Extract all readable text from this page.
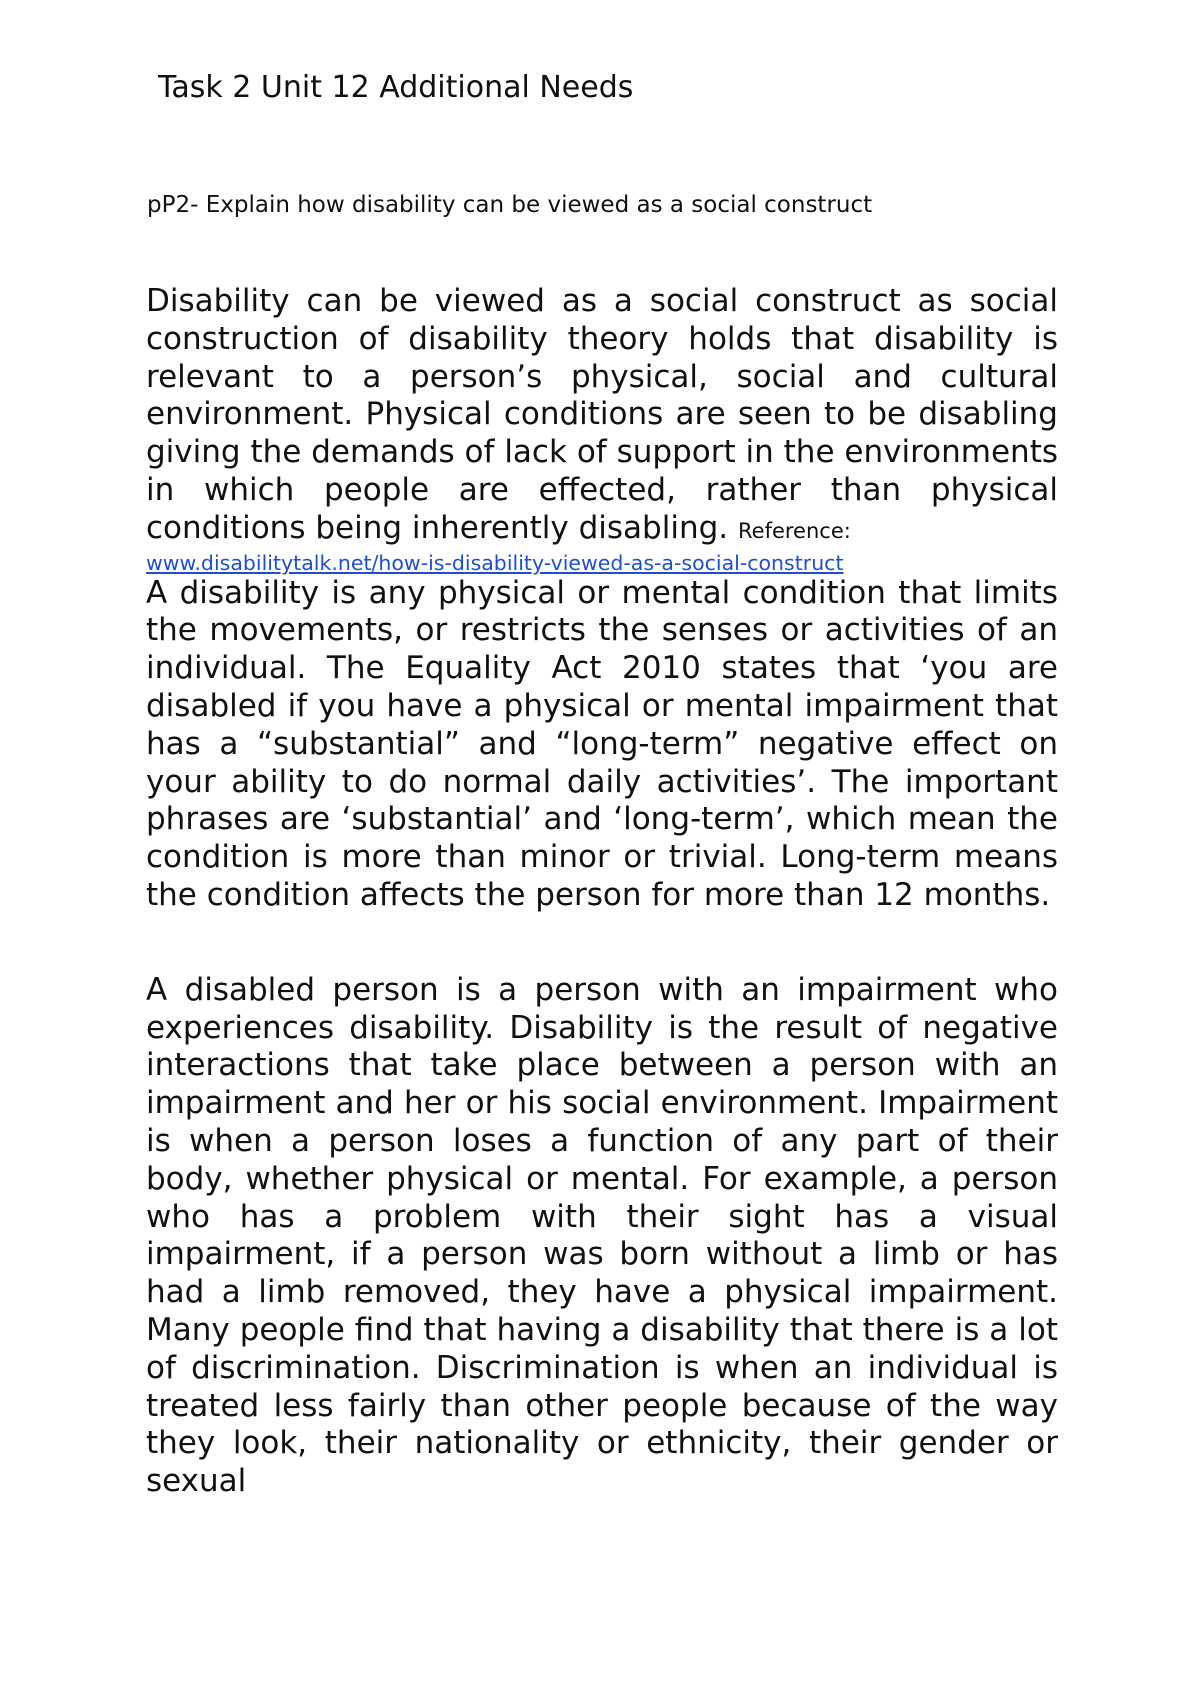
Task 2 Unit 12 Additional Needs
pP2- Explain how disability can be viewed as a social construct

Disability can be viewed as a social construct as social construction of disability theory holds that disability is relevant to a person’s physical, social and cultural environment. Physical conditions are seen to be disabling giving the demands of lack of support in the environments in which people are effected, rather than physical conditions being inherently disabling. Reference:
www.disabilitytalk.net/how-is-disability-viewed-as-a-social-construct

A disability is any physical or mental condition that limits the movements, or restricts the senses or activities of an individual. The Equality Act 2010 states that ‘you are disabled if you have a physical or mental impairment that has a “substantial” and “long-term” negative effect on your ability to do normal daily activities’. The important phrases are ‘substantial’ and ‘long-term’, which mean the condition is more than minor or trivial. Long-term means the condition affects the person for more than 12 months.

A disabled person is a person with an impairment who experiences disability. Disability is the result of negative interactions that take place between a person with an impairment and her or his social environment. Impairment is when a person loses a function of any part of their body, whether physical or mental. For example, a person who has a problem with their sight has a visual impairment, if a person was born without a limb or has had a limb removed, they have a physical impairment. Many people find that having a disability that there is a lot of discrimination. Discrimination is when an individual is treated less fairly than other people because of the way they look, their nationality or ethnicity, their gender or sexual
